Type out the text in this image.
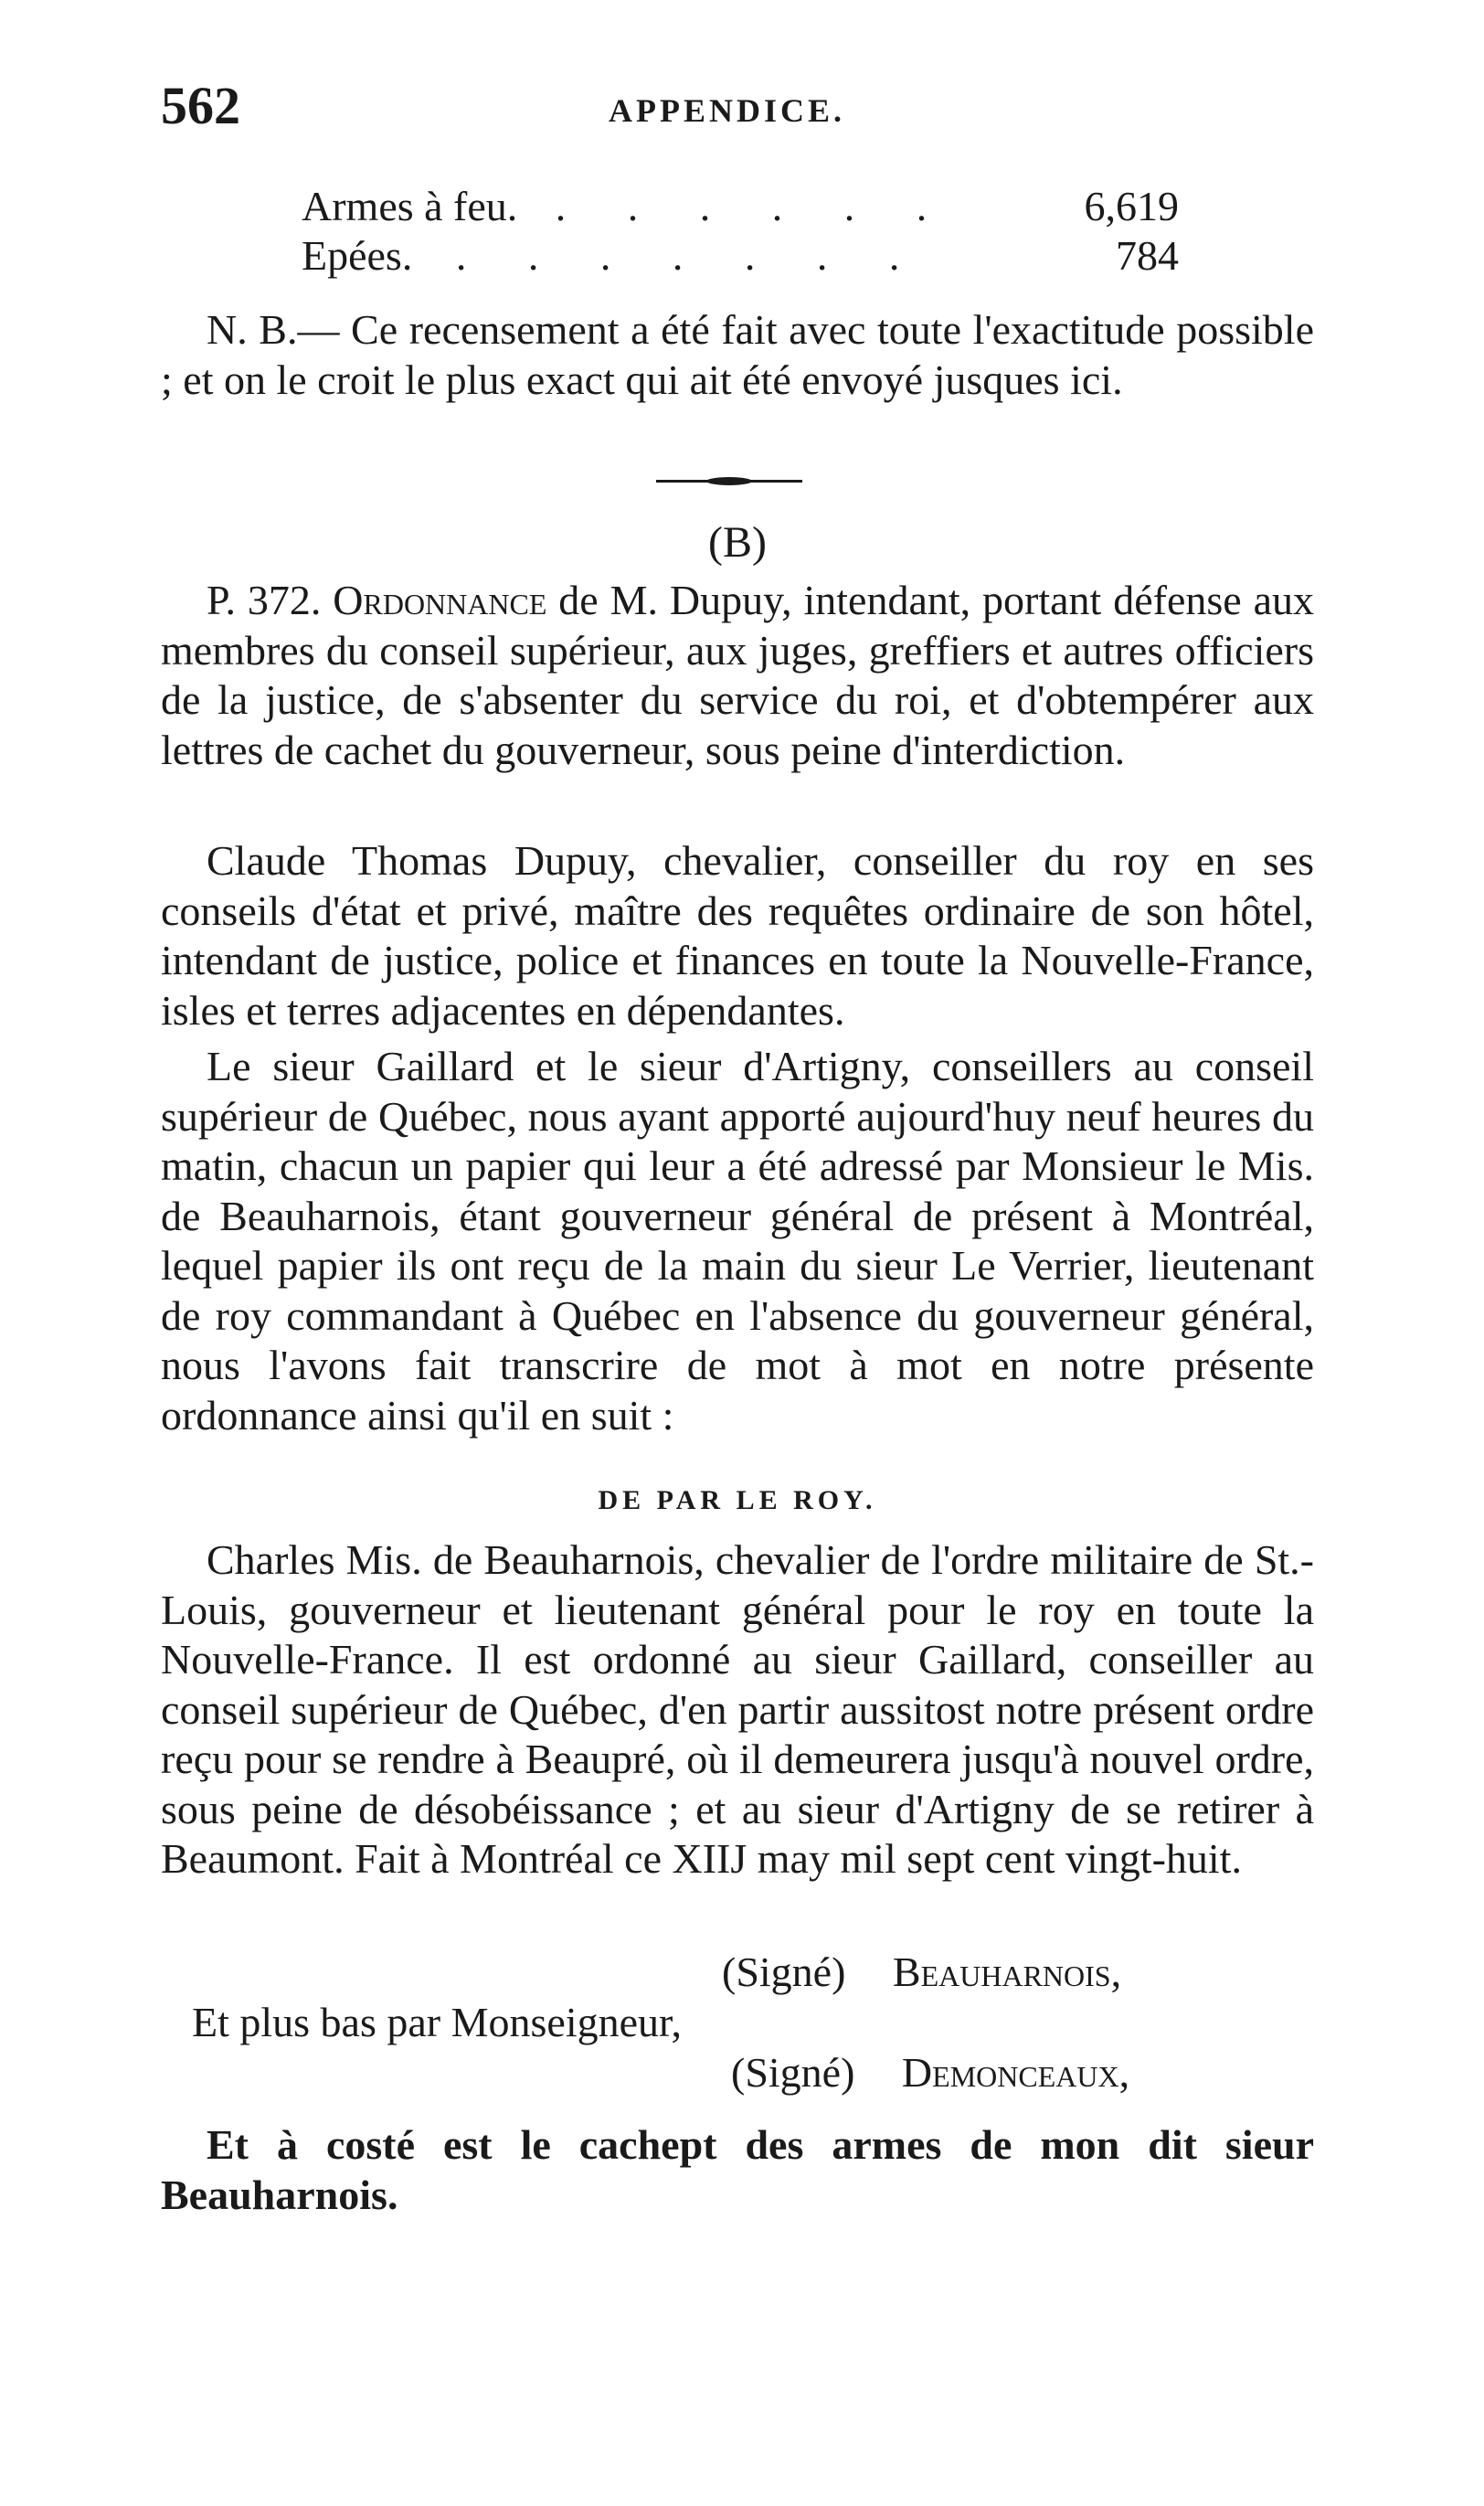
562	APPENDICE.
Armes à feu. . . . . . .	6,619
Epées. . . . . . . .	784

N. B.— Ce recensement a été fait avec toute l'exactitude possible ; et on le croit le plus exact qui ait été envoyé jusques ici.

(B)

P. 372. Ordonnance de M. Dupuy, intendant, portant défense aux membres du conseil supérieur, aux juges, greffiers et autres officiers de la justice, de s'absenter du service du roi, et d'obtempérer aux lettres de cachet du gouverneur, sous peine d'interdiction.

Claude Thomas Dupuy, chevalier, conseiller du roy en ses conseils d'état et privé, maître des requêtes ordinaire de son hôtel, intendant de justice, police et finances en toute la Nouvelle-France, isles et terres adjacentes en dépendantes.

Le sieur Gaillard et le sieur d'Artigny, conseillers au conseil supérieur de Québec, nous ayant apporté aujourd'huy neuf heures du matin, chacun un papier qui leur a été adressé par Monsieur le Mis. de Beauharnois, étant gouverneur général de présent à Montréal, lequel papier ils ont reçu de la main du sieur Le Verrier, lieutenant de roy commandant à Québec en l'absence du gouverneur général, nous l'avons fait transcrire de mot à mot en notre présente ordonnance ainsi qu'il en suit :

DE PAR LE ROY.

Charles Mis. de Beauharnois, chevalier de l'ordre militaire de St.-Louis, gouverneur et lieutenant général pour le roy en toute la Nouvelle-France. Il est ordonné au sieur Gaillard, conseiller au conseil supérieur de Québec, d'en partir aussitost notre présent ordre reçu pour se rendre à Beaupré, où il demeurera jusqu'à nouvel ordre, sous peine de désobéissance ; et au sieur d'Artigny de se retirer à Beaumont. Fait à Montréal ce XIIJ may mil sept cent vingt-huit.

(Signé) Beauharnois,
Et plus bas par Monseigneur,
(Signé) Demonceaux,

Et à costé est le cachept des armes de mon dit sieur Beauharnois.
